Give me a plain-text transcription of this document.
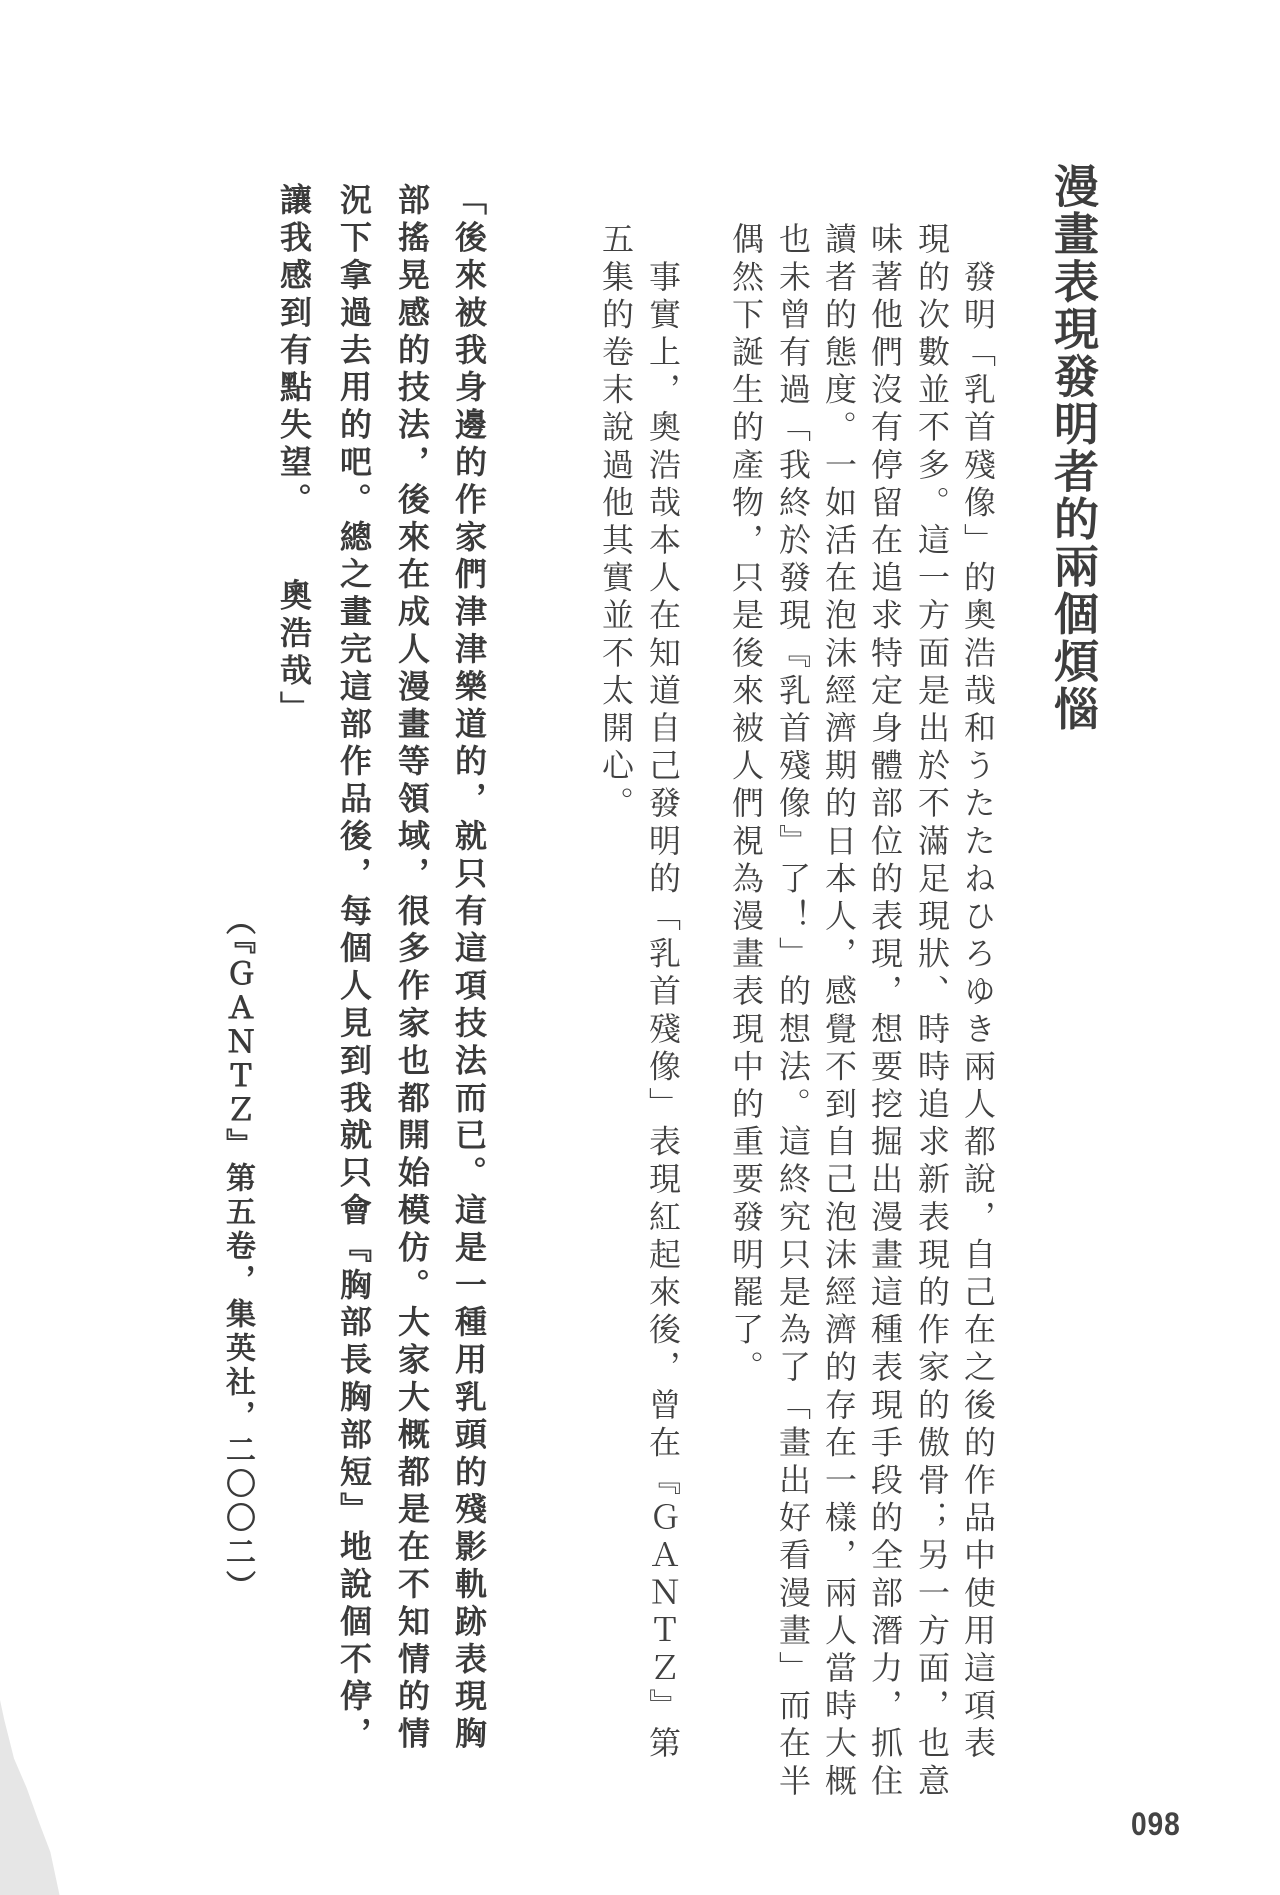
漫畫表現發明者的兩個煩惱
　發明「乳首殘像」的奧浩哉和うたたねひろゆき兩人都說，自己在之後的作品中使用這項表
現的次數並不多。這一方面是出於不滿足現狀、時時追求新表現的作家的傲骨；另一方面，也意
味著他們沒有停留在追求特定身體部位的表現，想要挖掘出漫畫這種表現手段的全部潛力，抓住
讀者的態度。一如活在泡沫經濟期的日本人，感覺不到自己泡沫經濟的存在一樣，兩人當時大概
也未曾有過「我終於發現『乳首殘像』了！」的想法。這終究只是為了「畫出好看漫畫」而在半
偶然下誕生的產物，只是後來被人們視為漫畫表現中的重要發明罷了。
　事實上，奧浩哉本人在知道自己發明的「乳首殘像」表現紅起來後，曾在『ＧＡＮＴＺ』第
五集的卷末說過他其實並不太開心。
「後來被我身邊的作家們津津樂道的，就只有這項技法而已。這是一種用乳頭的殘影軌跡表現胸
部搖晃感的技法，後來在成人漫畫等領域，很多作家也都開始模仿。大家大概都是在不知情的情
況下拿過去用的吧。總之畫完這部作品後，每個人見到我就只會『胸部長胸部短』地說個不停，
讓我感到有點失望。　　奧浩哉」
（『ＧＡＮＴＺ』第五卷，集英社，二〇〇二）
098
